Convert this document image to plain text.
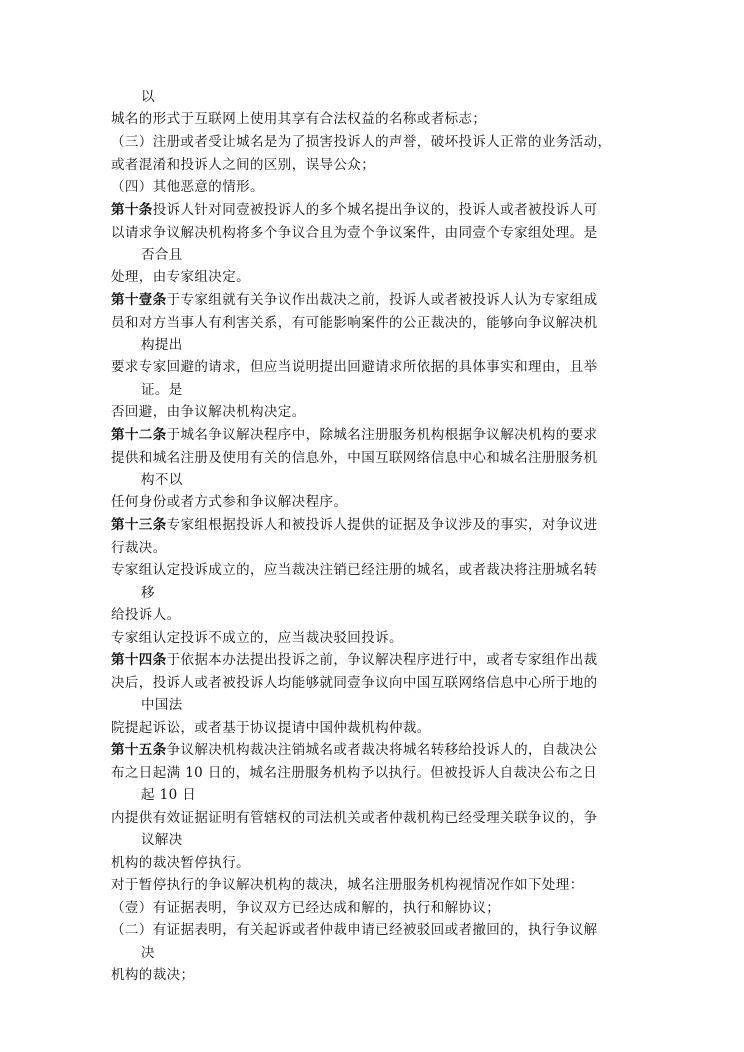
以
城名的形式于互联网上使用其享有合法权益的名称或者标志；
（三）注册或者受让城名是为了损害投诉人的声誉，破坏投诉人正常的业务活动，
或者混淆和投诉人之间的区别，误导公众；
（四）其他恶意的情形。
第十条投诉人针对同壹被投诉人的多个城名提出争议的，投诉人或者被投诉人可
以请求争议解决机构将多个争议合且为壹个争议案件，由同壹个专家组处理。是
否合且
处理，由专家组决定。
第十壹条于专家组就有关争议作出裁决之前，投诉人或者被投诉人认为专家组成
员和对方当事人有利害关系，有可能影响案件的公正裁决的，能够向争议解决机
构提出
要求专家回避的请求，但应当说明提出回避请求所依据的具体事实和理由，且举
证。是
否回避，由争议解决机构决定。
第十二条于城名争议解决程序中，除城名注册服务机构根据争议解决机构的要求
提供和城名注册及使用有关的信息外，中国互联网络信息中心和城名注册服务机
构不以
任何身份或者方式参和争议解决程序。
第十三条专家组根据投诉人和被投诉人提供的证据及争议涉及的事实，对争议进
行裁决。
专家组认定投诉成立的，应当裁决注销已经注册的城名，或者裁决将注册城名转
移
给投诉人。
专家组认定投诉不成立的，应当裁决驳回投诉。
第十四条于依据本办法提出投诉之前，争议解决程序进行中，或者专家组作出裁
决后，投诉人或者被投诉人均能够就同壹争议向中国互联网络信息中心所于地的
中国法
院提起诉讼，或者基于协议提请中国仲裁机构仲裁。
第十五条争议解决机构裁决注销城名或者裁决将城名转移给投诉人的，自裁决公
布之日起满 10 日的，城名注册服务机构予以执行。但被投诉人自裁决公布之日
起 10 日
内提供有效证据证明有管辖权的司法机关或者仲裁机构已经受理关联争议的，争
议解决
机构的裁决暂停执行。
对于暂停执行的争议解决机构的裁决，城名注册服务机构视情况作如下处理：
（壹）有证据表明，争议双方已经达成和解的，执行和解协议；
（二）有证据表明，有关起诉或者仲裁申请已经被驳回或者撤回的，执行争议解
决
机构的裁决；
